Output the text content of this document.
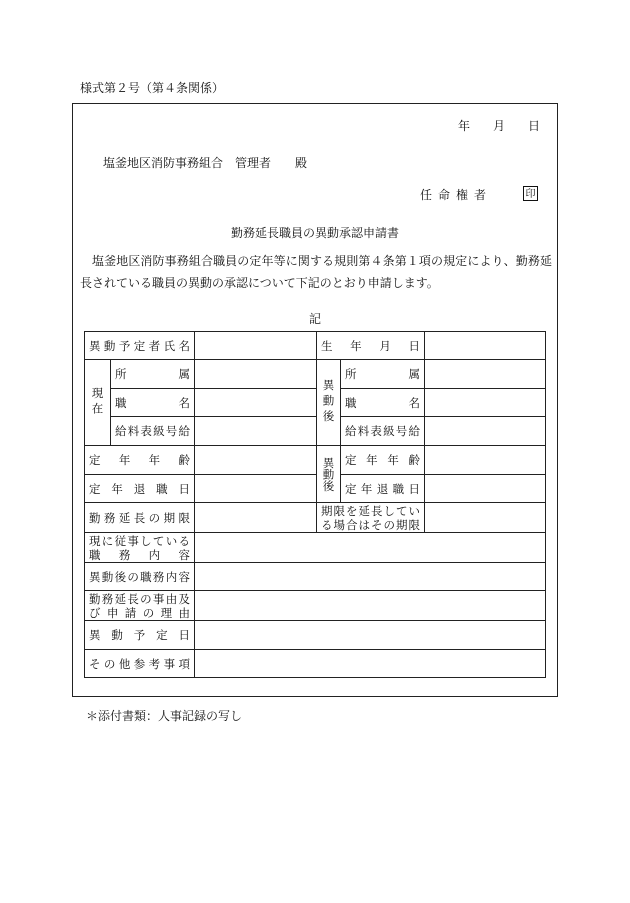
様式第２号（第４条関係）
年 月 日
塩釜地区消防事務組合　管理者　　殿
任命権者	印
勤務延長職員の異動承認申請書
塩釜地区消防事務組合職員の定年等に関する規則第４条第１項の規定により、勤務延長されている職員の異動の承認について下記のとおり申請します。
記
異動予定者氏名			生　年　月　日		
現在	所属		異動後	所属	
	職名			職名	
	給料表級号給			給料表級号給	
定年年齢			異動後	定年年齢	
定年退職日				定年退職日	
勤務延長の期限			期限を延長している場合はその期限		
現に従事している職務内容					
異動後の職務内容					
勤務延長の事由及び申請の理由					
異動予定日					
その他参考事項					
＊添付書類：人事記録の写し
